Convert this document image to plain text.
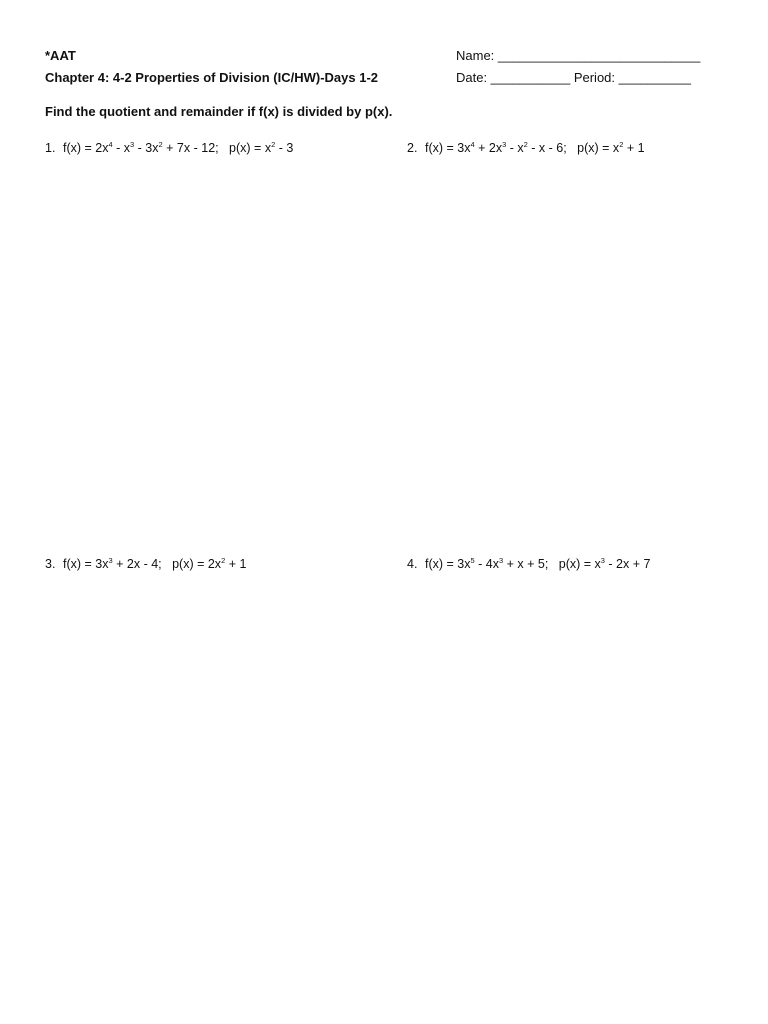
*AAT
Chapter 4: 4-2 Properties of Division (IC/HW)-Days 1-2
Name: ____________________________
Date: ___________ Period: __________
Find the quotient and remainder if f(x) is divided by p(x).
1. $f(x) = 2x^4 - x^3 - 3x^2 + 7x - 12$; $p(x) = x^2 - 3$	2. $f(x) = 3x^4 + 2x^3 - x^2 - x - 6$; $p(x) = x^2 + 1$
3. $f(x) = 3x^3 + 2x - 4$; $p(x) = 2x^2 + 1$	4. $f(x) = 3x^5 - 4x^3 + x + 5$; $p(x) = x^3 - 2x + 7$
